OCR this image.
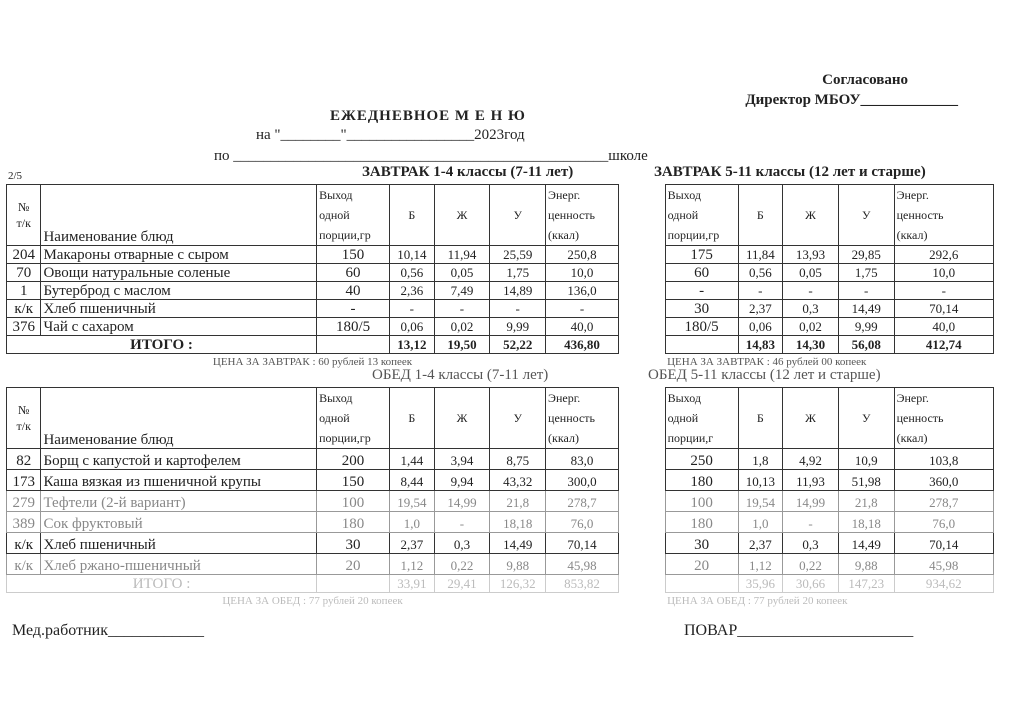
Согласовано
Директор МБОУ_____________
ЕЖЕДНЕВНОЕ М Е Н Ю
на "________"_________________2023год
по __________________________________________________школе
2/5	ЗАВТРАК 1-4 классы (7-11 лет)	ЗАВТРАК 5-11 классы (12 лет и старше)
№
т/к	Наименование блюд	Выход
одной
порции,гр	Б	Ж	У	Энерг.
ценность
(ккал)		Выход
одной
порции,гр	Б	Ж	У	Энерг.
ценность
(ккал)
204	Макароны отварные с сыром	150	10,14	11,94	25,59	250,8		175	11,84	13,93	29,85	292,6
70	Овощи натуральные соленые	60	0,56	0,05	1,75	10,0		60	0,56	0,05	1,75	10,0
1	Бутерброд с маслом	40	2,36	7,49	14,89	136,0		-	-	-	-	-
к/к	Хлеб пшеничный	-	-	-	-	-		30	2,37	0,3	14,49	70,14
376	Чай с сахаром	180/5	0,06	0,02	9,99	40,0		180/5	0,06	0,02	9,99	40,0
ИТОГО :			13,12	19,50	52,22	436,80			14,83	14,30	56,08	412,74
ЦЕНА ЗА ЗАВТРАК : 60 рублей 13 копеек								ЦЕНА ЗА ЗАВТРАК : 46 рублей 00 копеек				
ОБЕД 1-4 классы (7-11 лет)	ОБЕД 5-11 классы (12 лет и старше)
№
т/к	Наименование блюд	Выход
одной
порции,гр	Б	Ж	У	Энерг.
ценность
(ккал)		Выход
одной
порции,г	Б	Ж	У	Энерг.
ценность
(ккал)
82	Борщ с капустой и картофелем	200	1,44	3,94	8,75	83,0		250	1,8	4,92	10,9	103,8
173	Каша вязкая из пшеничной крупы	150	8,44	9,94	43,32	300,0		180	10,13	11,93	51,98	360,0
279	Тефтели (2-й вариант)	100	19,54	14,99	21,8	278,7		100	19,54	14,99	21,8	278,7
389	Сок фруктовый	180	1,0	-	18,18	76,0		180	1,0	-	18,18	76,0
к/к	Хлеб пшеничный	30	2,37	0,3	14,49	70,14		30	2,37	0,3	14,49	70,14
к/к	Хлеб ржано-пшеничный	20	1,12	0,22	9,88	45,98		20	1,12	0,22	9,88	45,98
ИТОГО :			33,91	29,41	126,32	853,82			35,96	30,66	147,23	934,62
ЦЕНА ЗА ОБЕД : 77 рублей 20 копеек								ЦЕНА ЗА ОБЕД : 77 рублей 20 копеек				
Мед.работник____________	ПОВАР______________________
